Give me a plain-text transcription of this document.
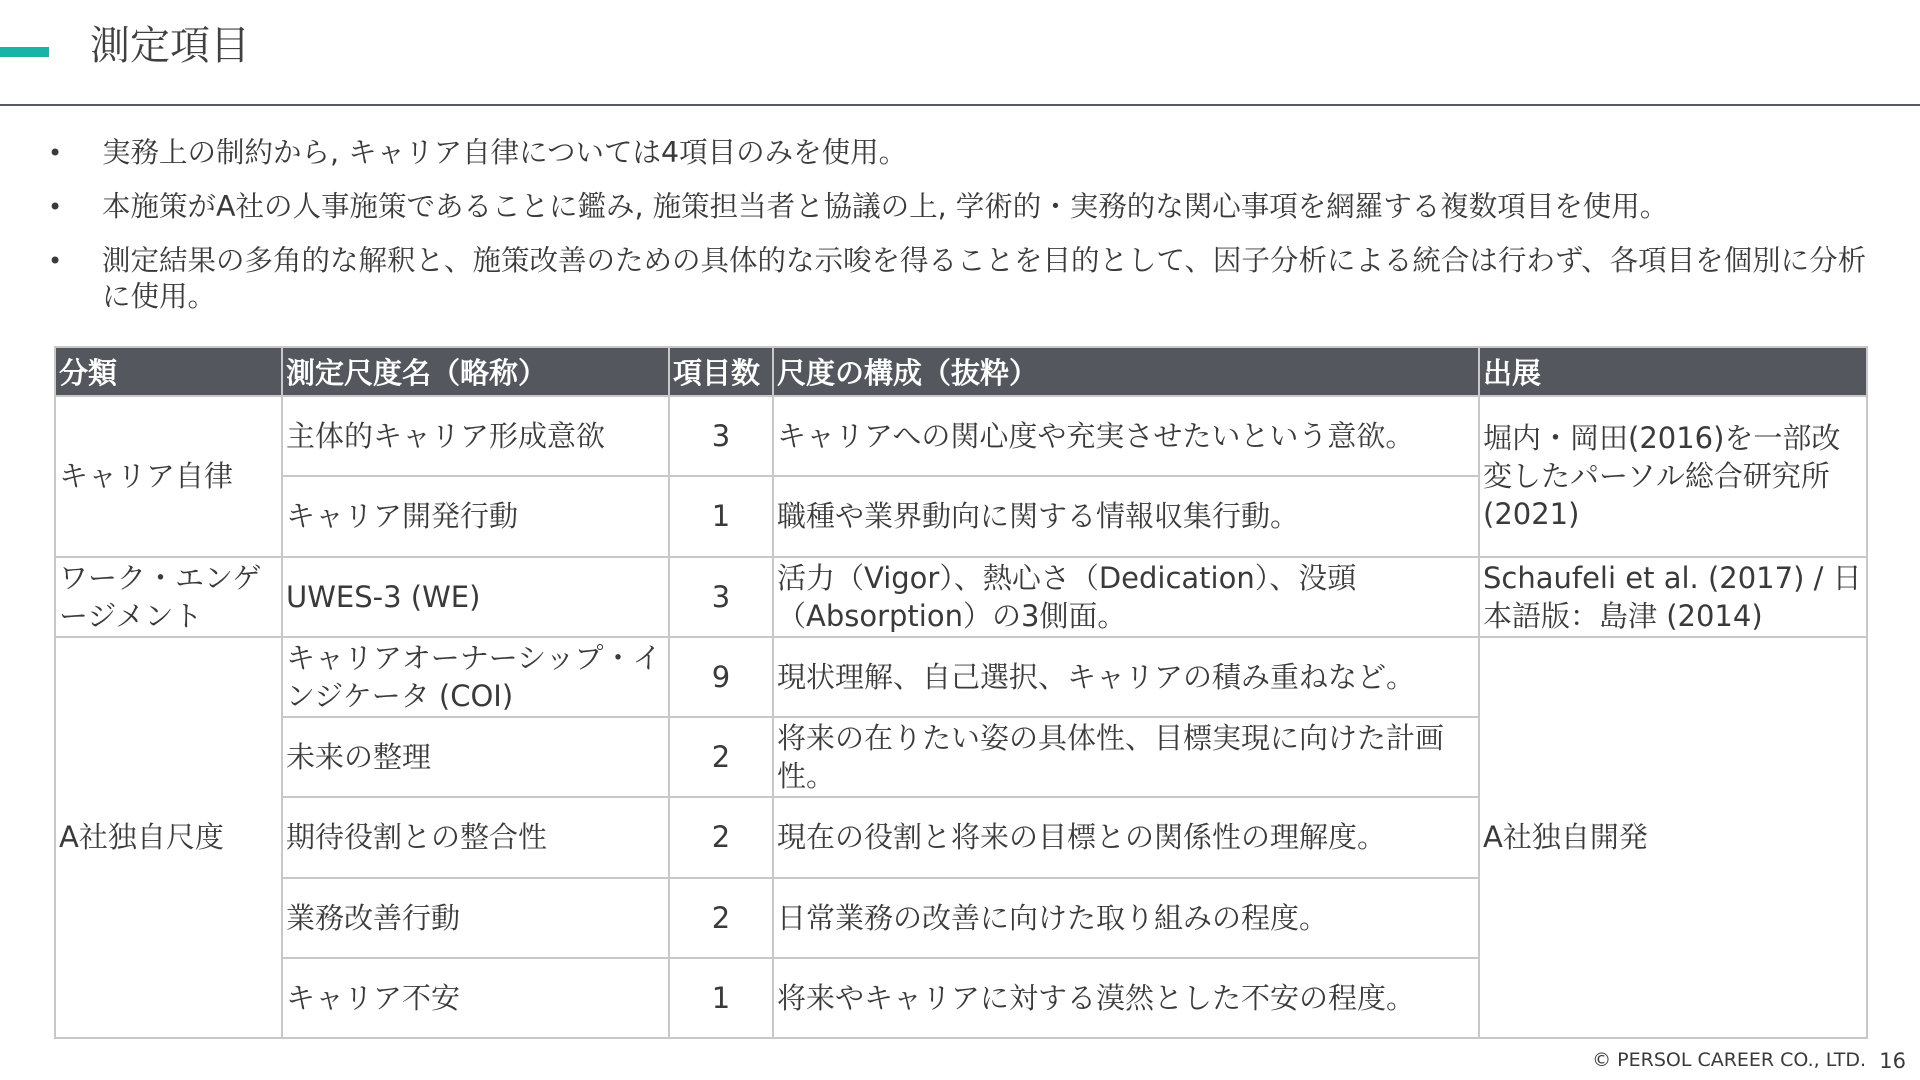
測定項目
• 実務上の制約から, キャリア自律については4項目のみを使用。
• 本施策がA社の人事施策であることに鑑み, 施策担当者と協議の上, 学術的・実務的な関心事項を網羅する複数項目を使用。
• 測定結果の多角的な解釈と、施策改善のための具体的な示唆を得ることを目的として、因子分析による統合は行わず、各項目を個別に分析に使用。
分類	測定尺度名（略称）	項目数	尺度の構成（抜粋）	出展
キャリア自律	主体的キャリア形成意欲	3	キャリアへの関心度や充実させたいという意欲。	堀内・岡田(2016)を一部改変したパーソル総合研究所(2021)
	キャリア開発行動	1	職種や業界動向に関する情報収集行動。	
ワーク・エンゲージメント	UWES-3 (WE)	3	活力（Vigor）、熱心さ（Dedication）、没頭（Absorption）の3側面。	Schaufeli et al. (2017) / 日本語版：島津 (2014)
A社独自尺度	キャリアオーナーシップ・インジケータ (COI)	9	現状理解、自己選択、キャリアの積み重ねなど。	A社独自開発
	未来の整理	2	将来の在りたい姿の具体性、目標実現に向けた計画性。	
	期待役割との整合性	2	現在の役割と将来の目標との関係性の理解度。	
	業務改善行動	2	日常業務の改善に向けた取り組みの程度。	
	キャリア不安	1	将来やキャリアに対する漠然とした不安の程度。	
© PERSOL CAREER CO., LTD. 16
